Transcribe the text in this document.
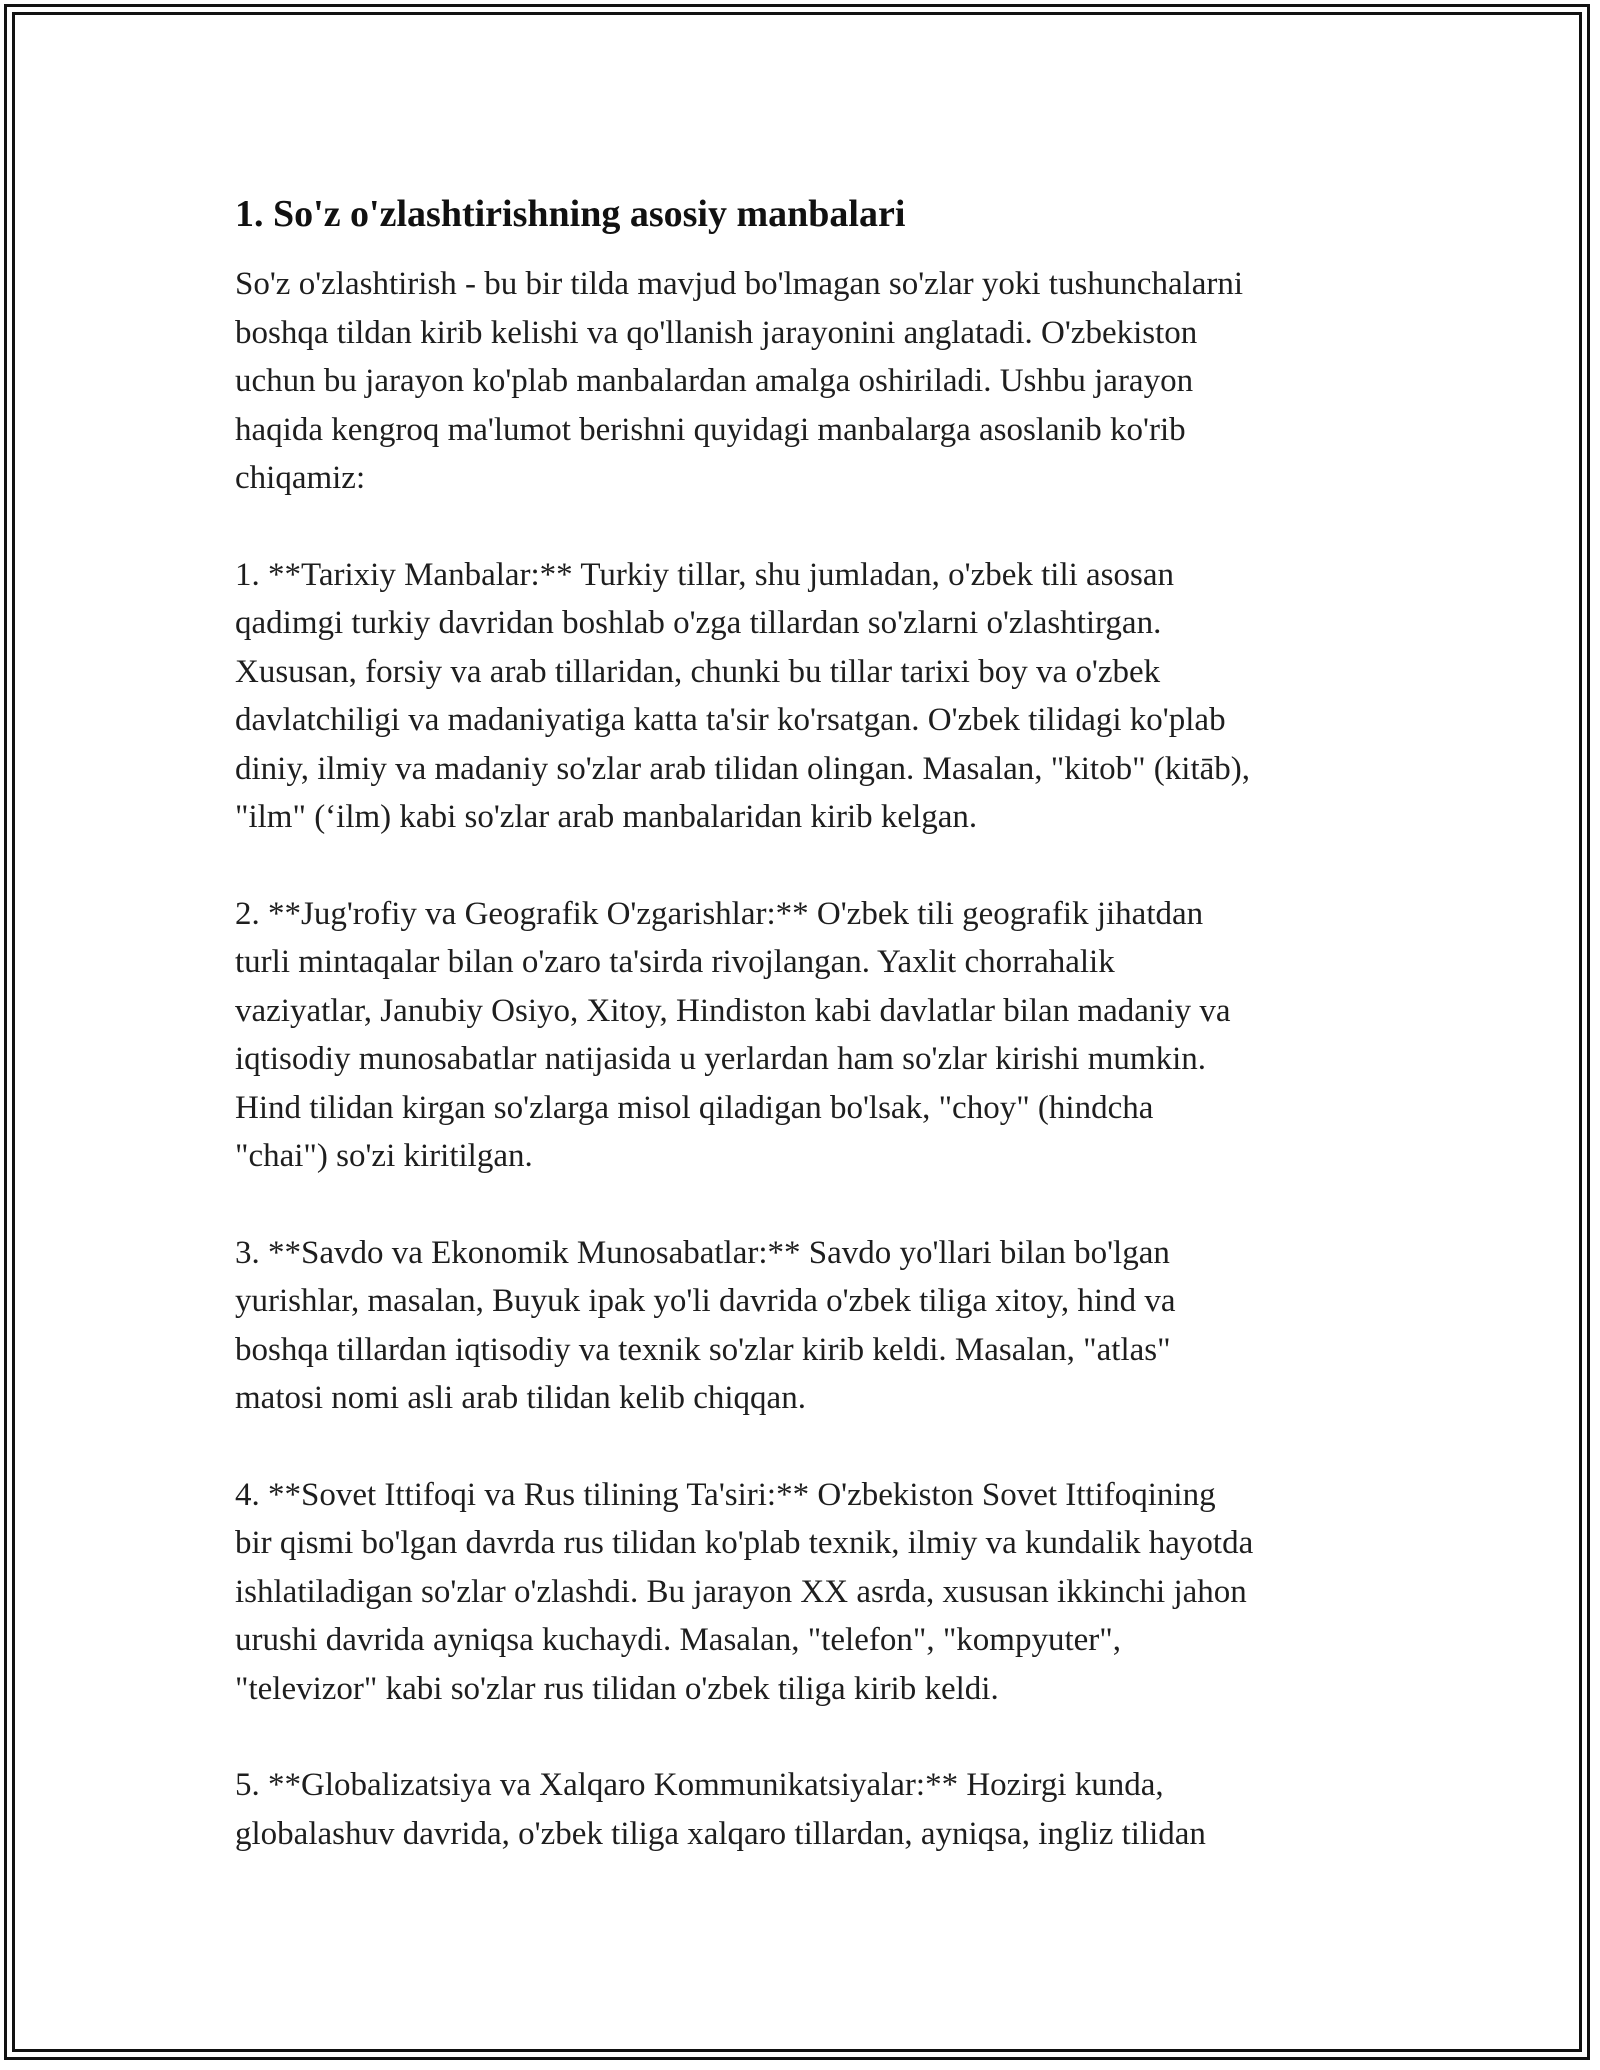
1. So'z o'zlashtirishning asosiy manbalari

So'z o'zlashtirish - bu bir tilda mavjud bo'lmagan so'zlar yoki tushunchalarni
boshqa tildan kirib kelishi va qo'llanish jarayonini anglatadi. O'zbekiston
uchun bu jarayon ko'plab manbalardan amalga oshiriladi. Ushbu jarayon
haqida kengroq ma'lumot berishni quyidagi manbalarga asoslanib ko'rib
chiqamiz:

1. **Tarixiy Manbalar:** Turkiy tillar, shu jumladan, o'zbek tili asosan
qadimgi turkiy davridan boshlab o'zga tillardan so'zlarni o'zlashtirgan.
Xususan, forsiy va arab tillaridan, chunki bu tillar tarixi boy va o'zbek
davlatchiligi va madaniyatiga katta ta'sir ko'rsatgan. O'zbek tilidagi ko'plab
diniy, ilmiy va madaniy so'zlar arab tilidan olingan. Masalan, "kitob" (kitāb),
"ilm" (‘ilm) kabi so'zlar arab manbalaridan kirib kelgan.

2. **Jug'rofiy va Geografik O'zgarishlar:** O'zbek tili geografik jihatdan
turli mintaqalar bilan o'zaro ta'sirda rivojlangan. Yaxlit chorrahalik
vaziyatlar, Janubiy Osiyo, Xitoy, Hindiston kabi davlatlar bilan madaniy va
iqtisodiy munosabatlar natijasida u yerlardan ham so'zlar kirishi mumkin.
Hind tilidan kirgan so'zlarga misol qiladigan bo'lsak, "choy" (hindcha
"chai") so'zi kiritilgan.

3. **Savdo va Ekonomik Munosabatlar:** Savdo yo'llari bilan bo'lgan
yurishlar, masalan, Buyuk ipak yo'li davrida o'zbek tiliga xitoy, hind va
boshqa tillardan iqtisodiy va texnik so'zlar kirib keldi. Masalan, "atlas"
matosi nomi asli arab tilidan kelib chiqqan.

4. **Sovet Ittifoqi va Rus tilining Ta'siri:** O'zbekiston Sovet Ittifoqining
bir qismi bo'lgan davrda rus tilidan ko'plab texnik, ilmiy va kundalik hayotda
ishlatiladigan so'zlar o'zlashdi. Bu jarayon XX asrda, xususan ikkinchi jahon
urushi davrida ayniqsa kuchaydi. Masalan, "telefon", "kompyuter",
"televizor" kabi so'zlar rus tilidan o'zbek tiliga kirib keldi.

5. **Globalizatsiya va Xalqaro Kommunikatsiyalar:** Hozirgi kunda,
globalashuv davrida, o'zbek tiliga xalqaro tillardan, ayniqsa, ingliz tilidan
